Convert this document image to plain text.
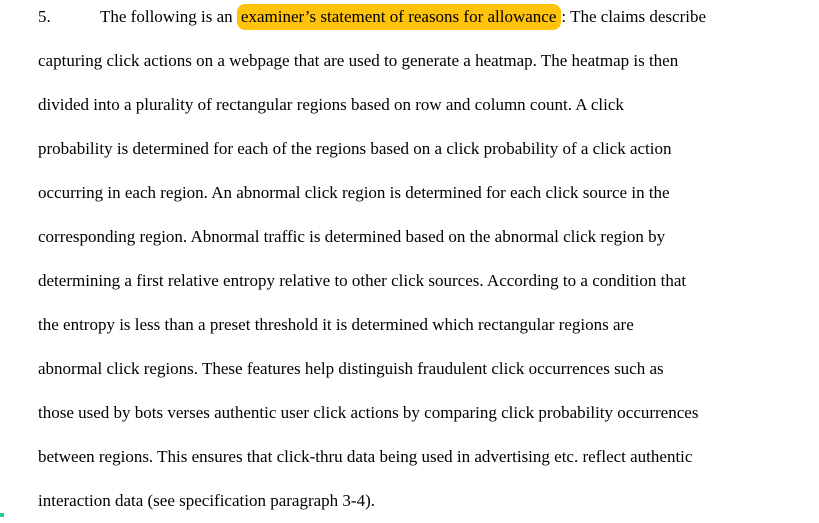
5.	The following is an examiner’s statement of reasons for allowance : The claims describe
capturing click actions on a webpage that are used to generate a heatmap. The heatmap is then
divided into a plurality of rectangular regions based on row and column count. A click
probability is determined for each of the regions based on a click probability of a click action
occurring in each region. An abnormal click region is determined for each click source in the
corresponding region. Abnormal traffic is determined based on the abnormal click region by
determining a first relative entropy relative to other click sources. According to a condition that
the entropy is less than a preset threshold it is determined which rectangular regions are
abnormal click regions. These features help distinguish fraudulent click occurrences such as
those used by bots verses authentic user click actions by comparing click probability occurrences
between regions. This ensures that click-thru data being used in advertising etc. reflect authentic
interaction data (see specification paragraph 3-4).
